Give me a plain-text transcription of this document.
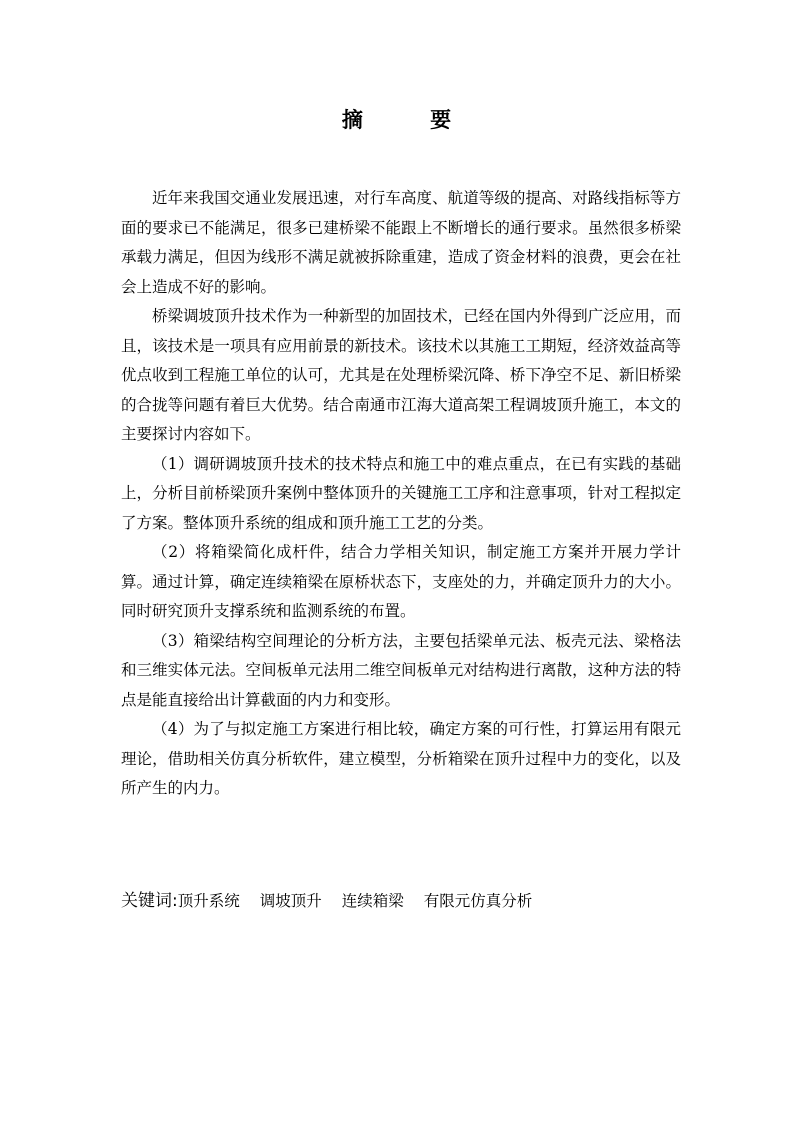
摘 要

近年来我国交通业发展迅速，对行车高度、航道等级的提高、对路线指标等方面的要求已不能满足，很多已建桥梁不能跟上不断增长的通行要求。虽然很多桥梁承载力满足，但因为线形不满足就被拆除重建，造成了资金材料的浪费，更会在社会上造成不好的影响。

桥梁调坡顶升技术作为一种新型的加固技术，已经在国内外得到广泛应用，而且，该技术是一项具有应用前景的新技术。该技术以其施工工期短，经济效益高等优点收到工程施工单位的认可，尤其是在处理桥梁沉降、桥下净空不足、新旧桥梁的合拢等问题有着巨大优势。结合南通市江海大道高架工程调坡顶升施工，本文的主要探讨内容如下。

（1）调研调坡顶升技术的技术特点和施工中的难点重点，在已有实践的基础上，分析目前桥梁顶升案例中整体顶升的关键施工工序和注意事项，针对工程拟定了方案。整体顶升系统的组成和顶升施工工艺的分类。

（2）将箱梁简化成杆件，结合力学相关知识，制定施工方案并开展力学计算。通过计算，确定连续箱梁在原桥状态下，支座处的力，并确定顶升力的大小。同时研究顶升支撑系统和监测系统的布置。

（3）箱梁结构空间理论的分析方法，主要包括梁单元法、板壳元法、梁格法和三维实体元法。空间板单元法用二维空间板单元对结构进行离散，这种方法的特点是能直接给出计算截面的内力和变形。

（4）为了与拟定施工方案进行相比较，确定方案的可行性，打算运用有限元理论，借助相关仿真分析软件，建立模型，分析箱梁在顶升过程中力的变化，以及所产生的内力。

关键词:顶升系统 调坡顶升 连续箱梁 有限元仿真分析
